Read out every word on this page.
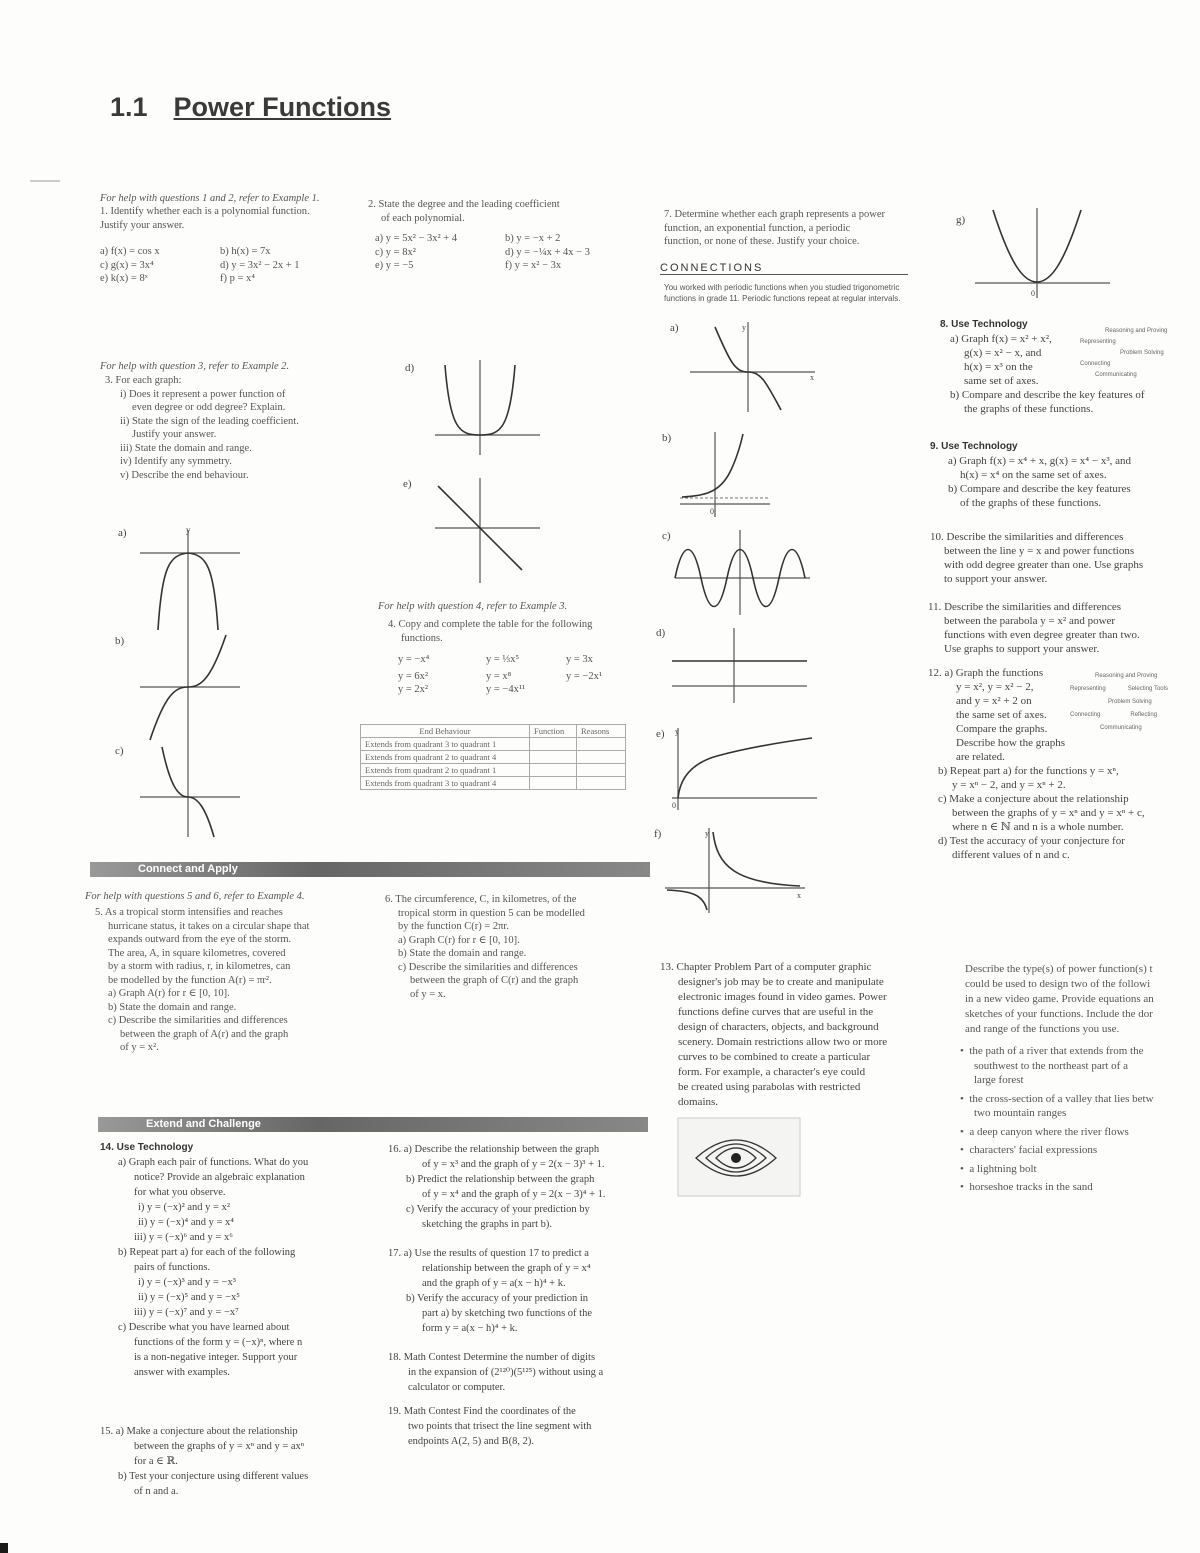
1.1 Power Functions
For help with questions 1 and 2, refer to Example 1.
1. Identify whether each is a polynomial function.
Justify your answer.
a) f(x) = cos x	b) h(x) = 7x
c) g(x) = 3x⁴	d) y = 3x² − 2x + 1
e) k(x) = 8ˣ	f) p = x⁴
For help with question 3, refer to Example 2.
3. For each graph:
i) Does it represent a power function of
even degree or odd degree? Explain.
ii) State the sign of the leading coefficient.
Justify your answer.
iii) State the domain and range.
iv) Identify any symmetry.
v) Describe the end behaviour.
a)	y
b)
c)
2. State the degree and the leading coefficient
of each polynomial.
a) y = 5x² − 3x² + 4	b) y = −x + 2
c) y = 8x²	d) y = −¼x + 4x − 3
e) y = −5	f) y = x² − 3x
d)
e)
For help with question 4, refer to Example 3.
4. Copy and complete the table for the following
functions.
y = −x⁴	y = ⅓x⁵	y = 3x
y = 6x²	y = x⁸	y = −2x¹
y = 2x²	y = −4x¹¹
End Behaviour	Function	Reasons
Extends from quadrant 3 to quadrant 1		
Extends from quadrant 2 to quadrant 4		
Extends from quadrant 2 to quadrant 1		
Extends from quadrant 3 to quadrant 4		
7. Determine whether each graph represents a power
function, an exponential function, a periodic
function, or none of these. Justify your choice.
CONNECTIONS
You worked with periodic functions when you studied trigonometric
functions in grade 11. Periodic functions repeat at regular intervals.
a)
x
y
b)
0
c)
d)
e)
0
y
f)	y
x
g)
0
8. Use Technology
a) Graph f(x) = x² + x²,
g(x) = x² − x, and
h(x) = x³ on the
same set of axes.
b) Compare and describe the key features of
the graphs of these functions.
Reasoning and Proving
Representing
Problem Solving
Connecting
Communicating
9. Use Technology
a) Graph f(x) = x⁴ + x, g(x) = x⁴ − x³, and
h(x) = x⁴ on the same set of axes.
b) Compare and describe the key features
of the graphs of these functions.
10. Describe the similarities and differences
between the line y = x and power functions
with odd degree greater than one. Use graphs
to support your answer.
11. Describe the similarities and differences
between the parabola y = x² and power
functions with even degree greater than two.
Use graphs to support your answer.
12. a) Graph the functions
y = x², y = x² − 2,
and y = x² + 2 on
the same set of axes.
Compare the graphs.
Describe how the graphs
are related.
b) Repeat part a) for the functions y = xⁿ,
y = xⁿ − 2, and y = xⁿ + 2.
c) Make a conjecture about the relationship
between the graphs of y = xⁿ and y = xⁿ + c,
where n ∈ ℕ and n is a whole number.
d) Test the accuracy of your conjecture for
different values of n and c.
Reasoning and Proving
Representing	Selecting Tools
Problem Solving
Connecting	Reflecting
Communicating
Connect and Apply
For help with questions 5 and 6, refer to Example 4.
5. As a tropical storm intensifies and reaches
hurricane status, it takes on a circular shape that
expands outward from the eye of the storm.
The area, A, in square kilometres, covered
by a storm with radius, r, in kilometres, can
be modelled by the function A(r) = πr².
a) Graph A(r) for r ∈ [0, 10].
b) State the domain and range.
c) Describe the similarities and differences
between the graph of A(r) and the graph
of y = x².
6. The circumference, C, in kilometres, of the
tropical storm in question 5 can be modelled
by the function C(r) = 2πr.
a) Graph C(r) for r ∈ [0, 10].
b) State the domain and range.
c) Describe the similarities and differences
between the graph of C(r) and the graph
of y = x.
13. Chapter Problem Part of a computer graphic
designer's job may be to create and manipulate
electronic images found in video games. Power
functions define curves that are useful in the
design of characters, objects, and background
scenery. Domain restrictions allow two or more
curves to be combined to create a particular
form. For example, a character's eye could
be created using parabolas with restricted
domains.
Describe the type(s) of power function(s) t
could be used to design two of the followi
in a new video game. Provide equations an
sketches of your functions. Include the dor
and range of the functions you use.
•  the path of a river that extends from the
southwest to the northeast part of a
large forest
•  the cross-section of a valley that lies betw
two mountain ranges
•  a deep canyon where the river flows
•  characters' facial expressions
•  a lightning bolt
•  horseshoe tracks in the sand
Extend and Challenge
14. Use Technology
a) Graph each pair of functions. What do you
notice? Provide an algebraic explanation
for what you observe.
i) y = (−x)² and y = x²
ii) y = (−x)⁴ and y = x⁴
iii) y = (−x)⁶ and y = x⁶
b) Repeat part a) for each of the following
pairs of functions.
i) y = (−x)³ and y = −x³
ii) y = (−x)⁵ and y = −x⁵
iii) y = (−x)⁷ and y = −x⁷
c) Describe what you have learned about
functions of the form y = (−x)ⁿ, where n
is a non-negative integer. Support your
answer with examples.
15. a) Make a conjecture about the relationship
between the graphs of y = xⁿ and y = axⁿ
for a ∈ ℝ.
b) Test your conjecture using different values
of n and a.
16. a) Describe the relationship between the graph
of y = x³ and the graph of y = 2(x − 3)³ + 1.
b) Predict the relationship between the graph
of y = x⁴ and the graph of y = 2(x − 3)⁴ + 1.
c) Verify the accuracy of your prediction by
sketching the graphs in part b).
17. a) Use the results of question 17 to predict a
relationship between the graph of y = x⁴
and the graph of y = a(x − h)⁴ + k.
b) Verify the accuracy of your prediction in
part a) by sketching two functions of the
form y = a(x − h)⁴ + k.
18. Math Contest Determine the number of digits
in the expansion of (2¹²⁰)(5¹²⁵) without using a
calculator or computer.
19. Math Contest Find the coordinates of the
two points that trisect the line segment with
endpoints A(2, 5) and B(8, 2).
